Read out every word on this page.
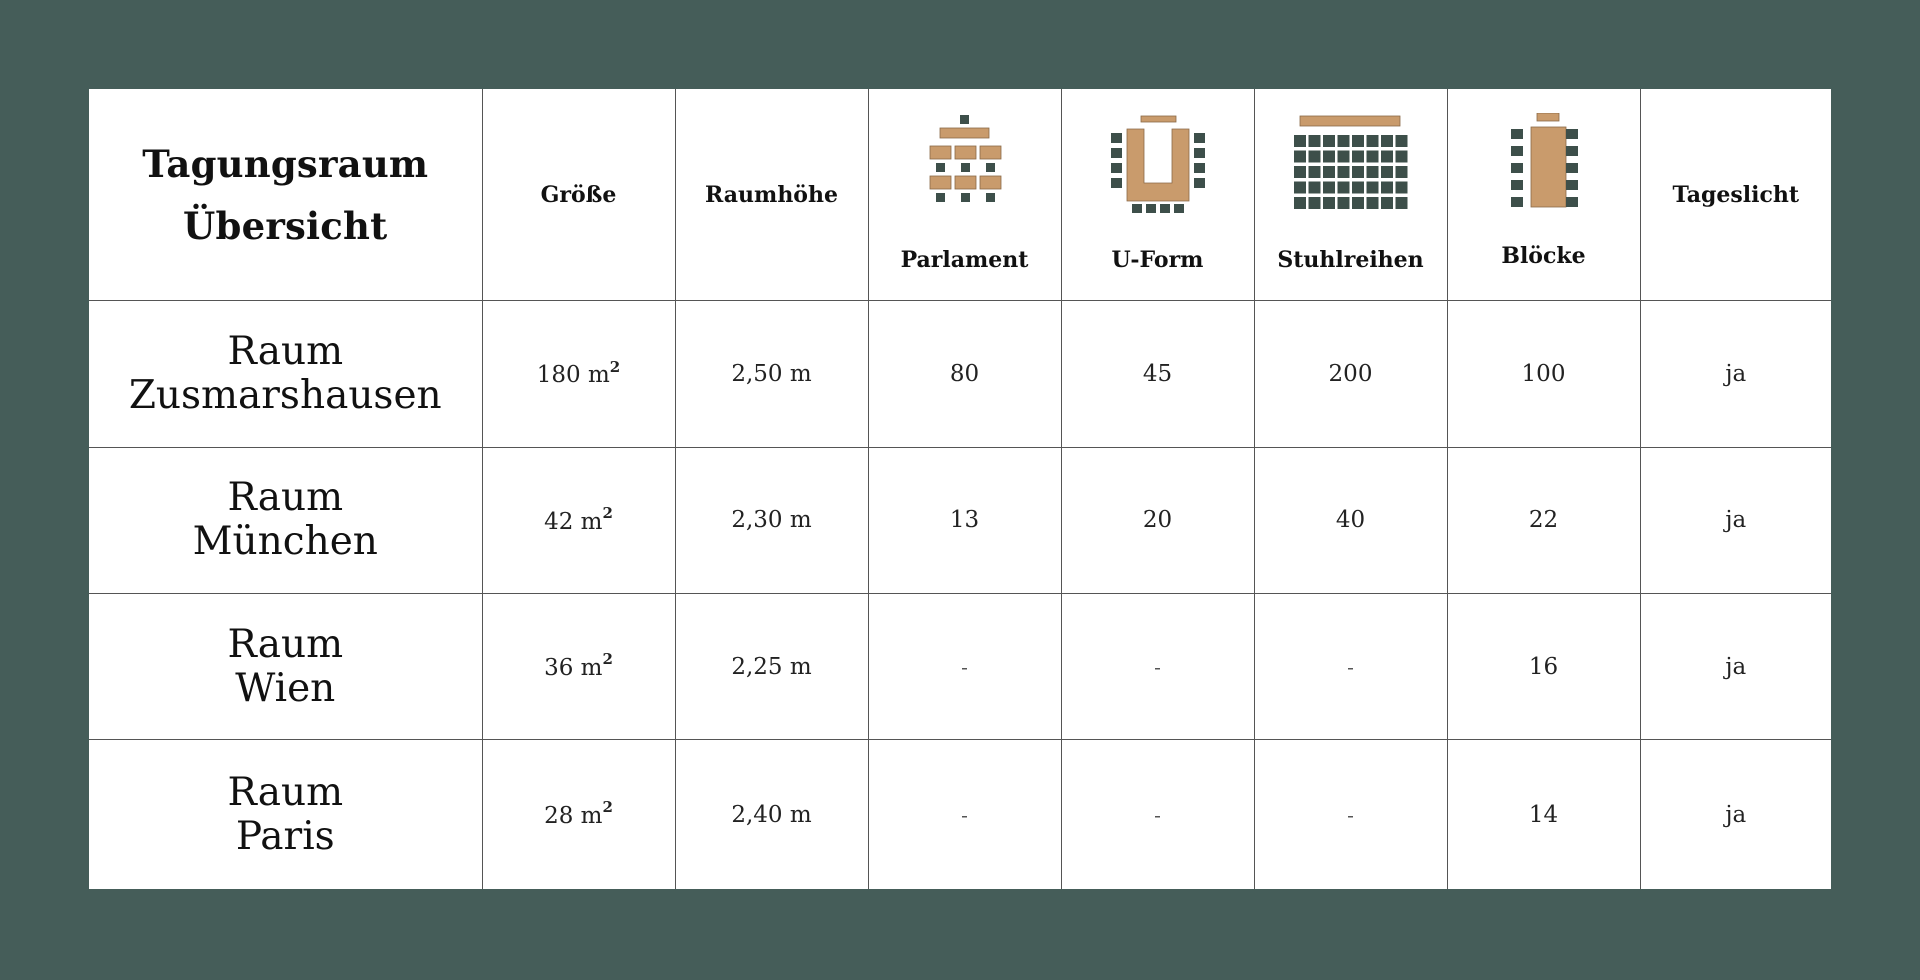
Tagungsraum
Übersicht	Größe	Raumhöhe	Parlament	U-Form	Stuhlreihen	Blöcke	Tageslicht

Raum
Zusmarshausen	180 $m^2$	2,50 m	80	45	200	100	ja

Raum
München	42 $m^2$	2,30 m	13	20	40	22	ja

Raum
Wien	36 $m^2$	2,25 m	-	-	-	16	ja

Raum
Paris	28 $m^2$	2,40 m	-	-	-	14	ja
